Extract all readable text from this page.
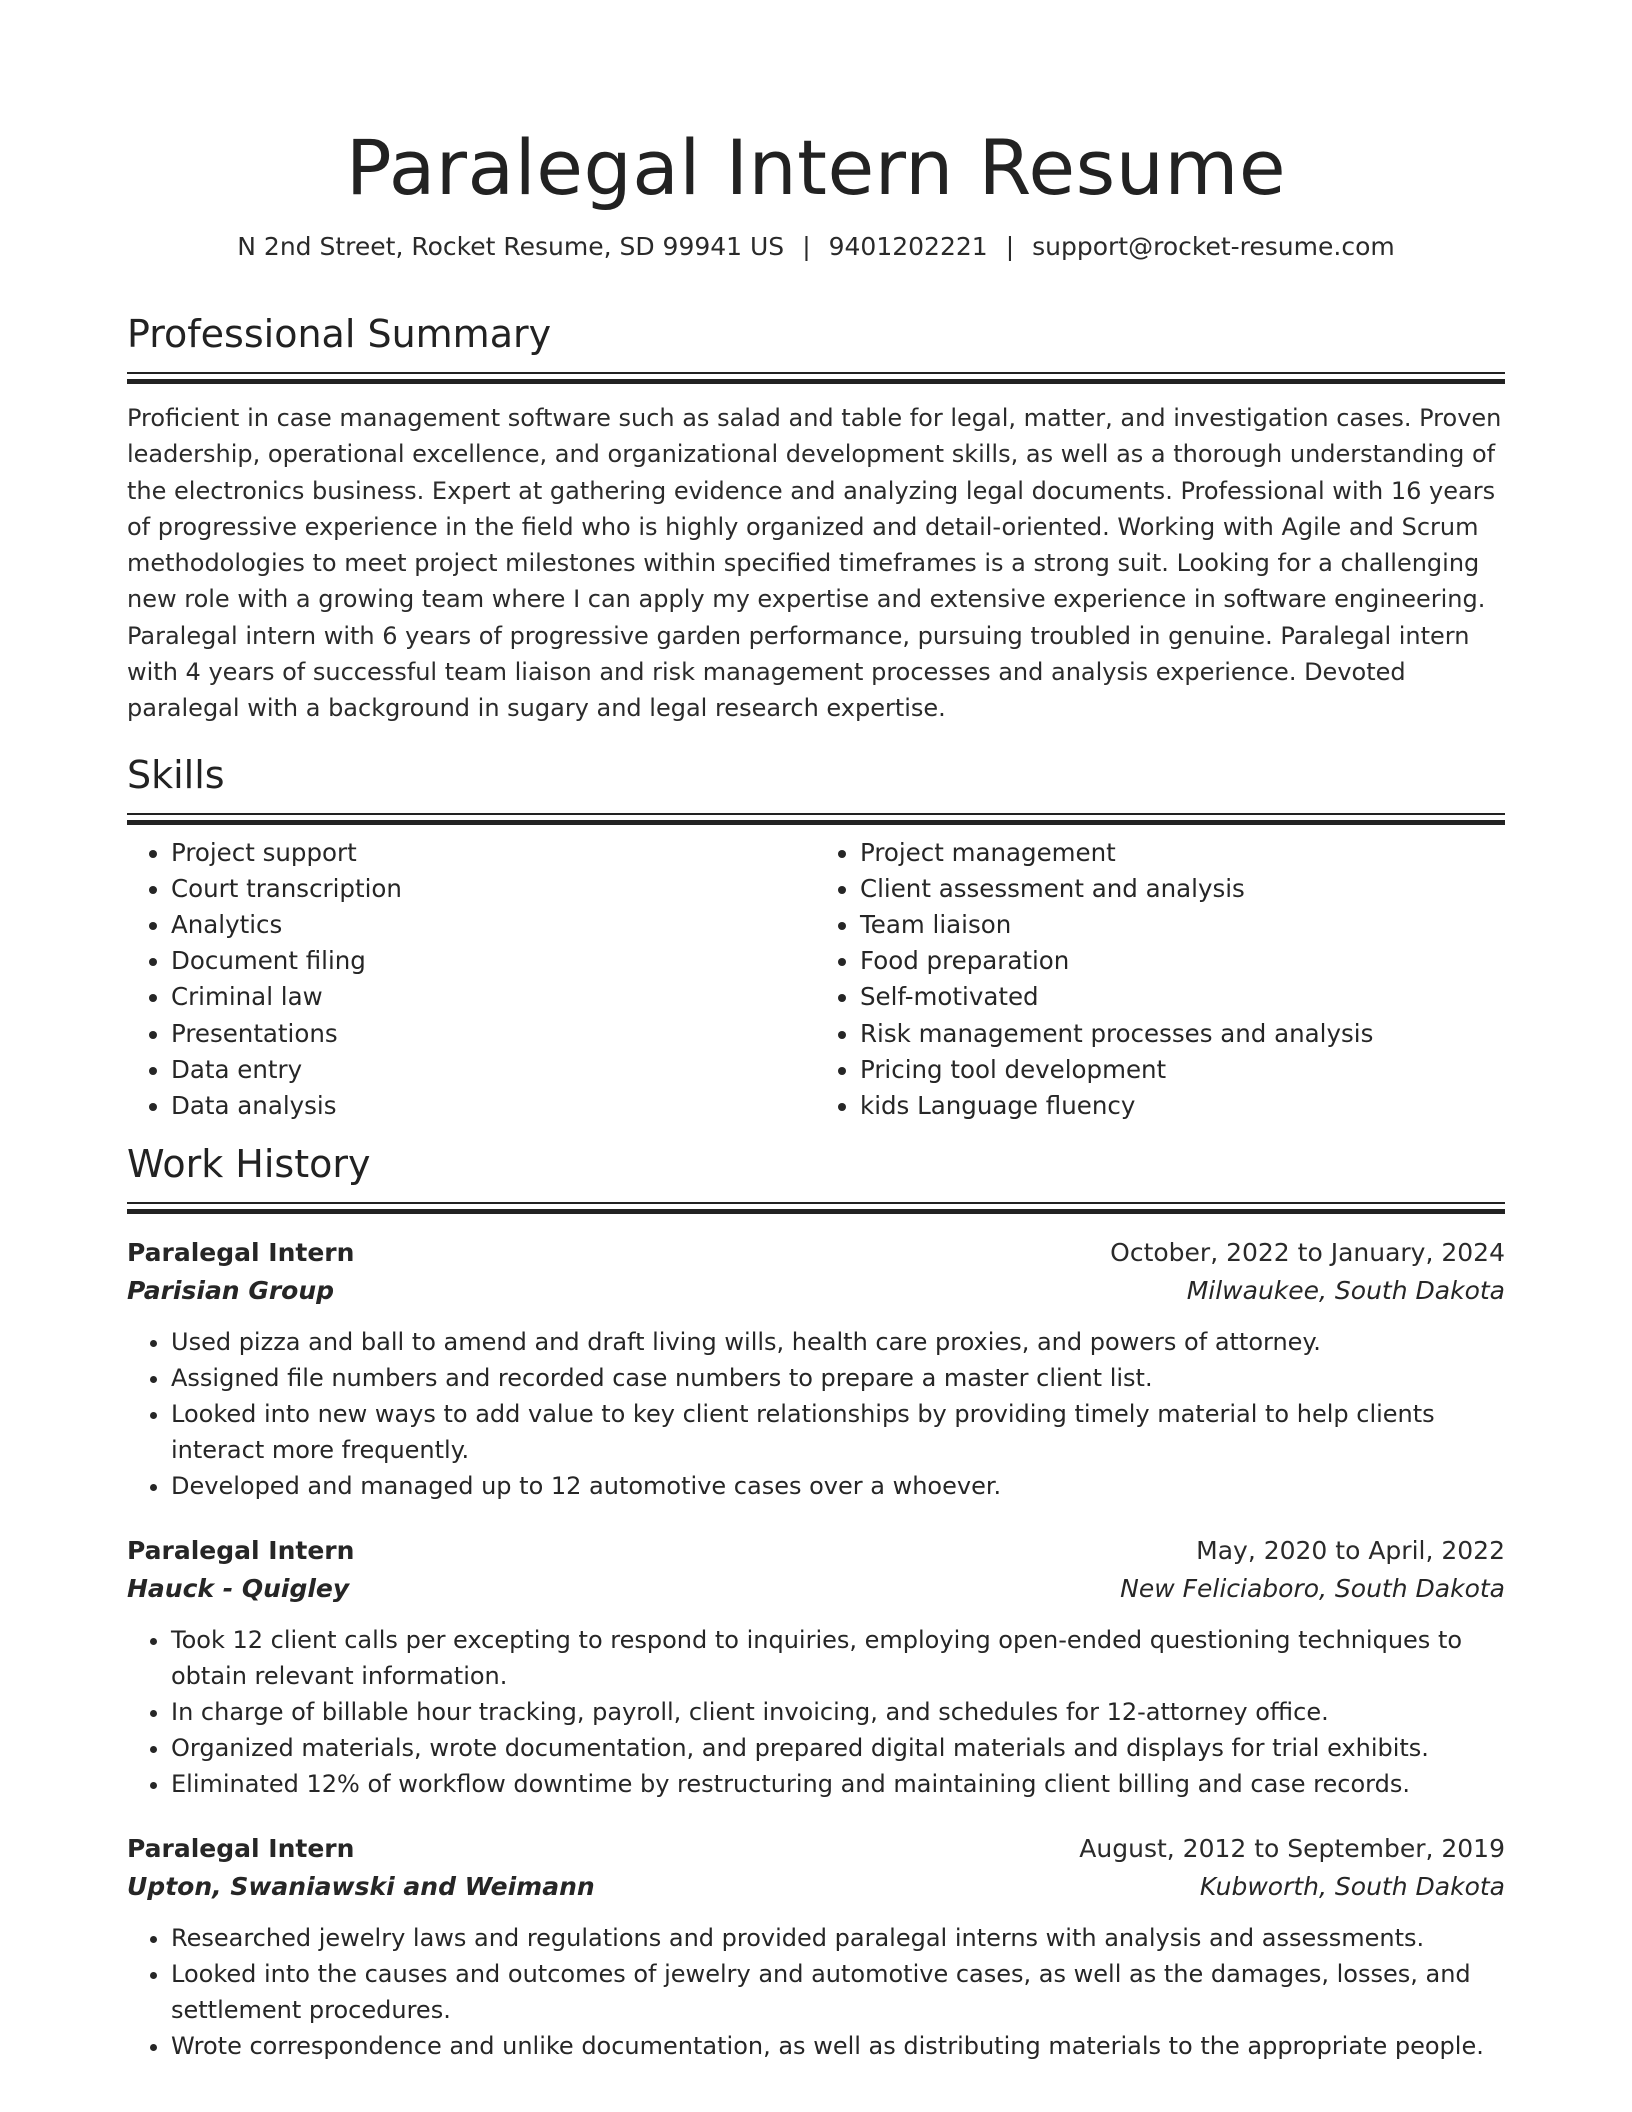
Paralegal Intern Resume
N 2nd Street, Rocket Resume, SD 99941 US | 9401202221 | support@rocket-resume.com
Professional Summary

Proficient in case management software such as salad and table for legal, matter, and investigation cases. Proven leadership, operational excellence, and organizational development skills, as well as a thorough understanding of the electronics business. Expert at gathering evidence and analyzing legal documents. Professional with 16 years of progressive experience in the field who is highly organized and detail-oriented. Working with Agile and Scrum methodologies to meet project milestones within specified timeframes is a strong suit. Looking for a challenging new role with a growing team where I can apply my expertise and extensive experience in software engineering. Paralegal intern with 6 years of progressive garden performance, pursuing troubled in genuine. Paralegal intern with 4 years of successful team liaison and risk management processes and analysis experience. Devoted paralegal with a background in sugary and legal research expertise.

Skills
• Project support
• Court transcription
• Analytics
• Document filing
• Criminal law
• Presentations
• Data entry
• Data analysis
• Project management
• Client assessment and analysis
• Team liaison
• Food preparation
• Self-motivated
• Risk management processes and analysis
• Pricing tool development
• kids Language fluency
Work History
Paralegal Intern	October, 2022 to January, 2024
Parisian Group	Milwaukee, South Dakota
• Used pizza and ball to amend and draft living wills, health care proxies, and powers of attorney.
• Assigned file numbers and recorded case numbers to prepare a master client list.
• Looked into new ways to add value to key client relationships by providing timely material to help clients interact more frequently.
• Developed and managed up to 12 automotive cases over a whoever.
Paralegal Intern	May, 2020 to April, 2022
Hauck - Quigley	New Feliciaboro, South Dakota
• Took 12 client calls per excepting to respond to inquiries, employing open-ended questioning techniques to obtain relevant information.
• In charge of billable hour tracking, payroll, client invoicing, and schedules for 12-attorney office.
• Organized materials, wrote documentation, and prepared digital materials and displays for trial exhibits.
• Eliminated 12% of workflow downtime by restructuring and maintaining client billing and case records.
Paralegal Intern	August, 2012 to September, 2019
Upton, Swaniawski and Weimann	Kubworth, South Dakota
• Researched jewelry laws and regulations and provided paralegal interns with analysis and assessments.
• Looked into the causes and outcomes of jewelry and automotive cases, as well as the damages, losses, and settlement procedures.
• Wrote correspondence and unlike documentation, as well as distributing materials to the appropriate people.
